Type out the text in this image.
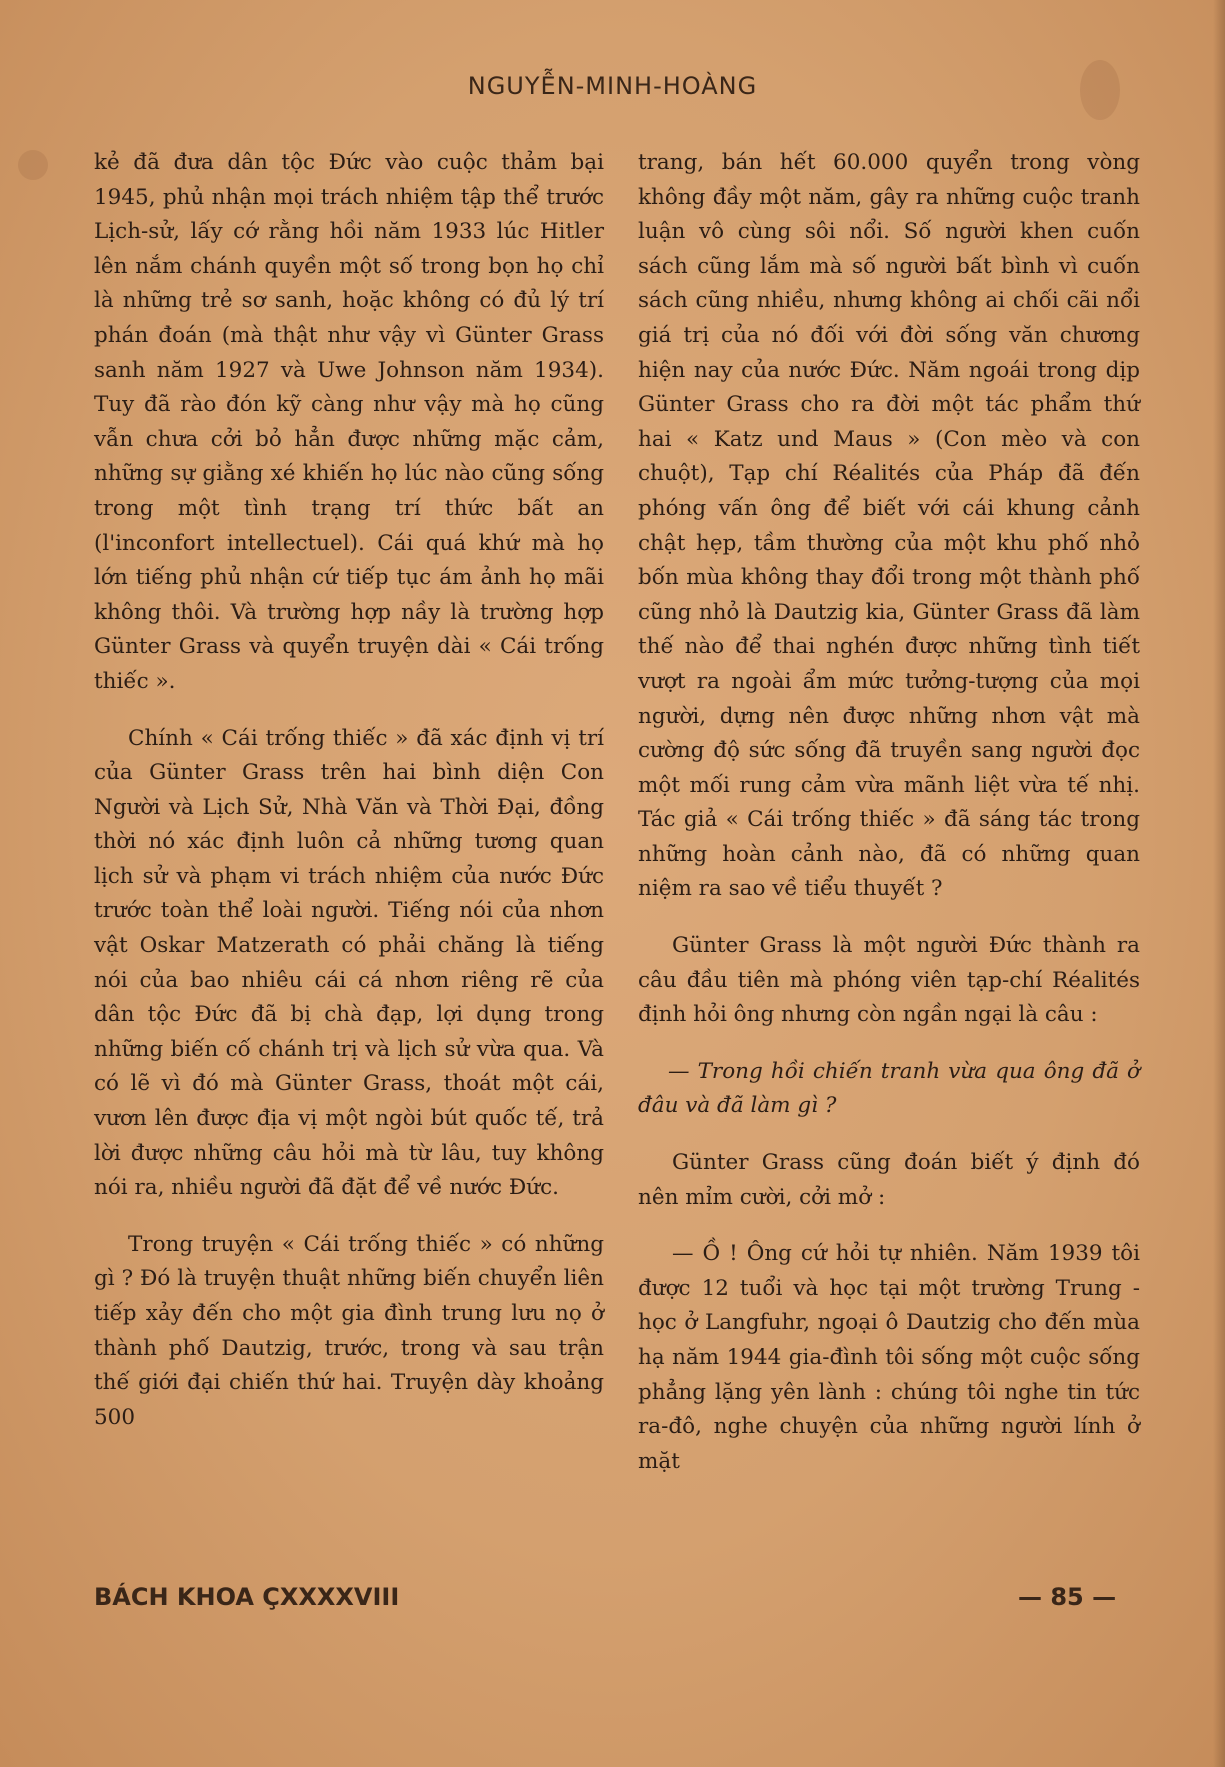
NGUYỄN-MINH-HOÀNG

kẻ đã đưa dân tộc Đức vào cuộc thảm bại 1945, phủ nhận mọi trách nhiệm tập thể trước Lịch-sử, lấy cớ rằng hồi năm 1933 lúc Hitler lên nắm chánh quyền một số trong bọn họ chỉ là những trẻ sơ sanh, hoặc không có đủ lý trí phán đoán (mà thật như vậy vì Günter Grass sanh năm 1927 và Uwe Johnson năm 1934). Tuy đã rào đón kỹ càng như vậy mà họ cũng vẫn chưa cởi bỏ hẳn được những mặc cảm, những sự giằng xé khiến họ lúc nào cũng sống trong một tình trạng trí thức bất an (l'inconfort intellectuel). Cái quá khứ mà họ lớn tiếng phủ nhận cứ tiếp tục ám ảnh họ mãi không thôi. Và trường hợp nầy là trường hợp Günter Grass và quyển truyện dài « Cái trống thiếc ».

Chính « Cái trống thiếc » đã xác định vị trí của Günter Grass trên hai bình diện Con Người và Lịch Sử, Nhà Văn và Thời Đại, đồng thời nó xác định luôn cả những tương quan lịch sử và phạm vi trách nhiệm của nước Đức trước toàn thể loài người. Tiếng nói của nhơn vật Oskar Matzerath có phải chăng là tiếng nói của bao nhiêu cái cá nhơn riêng rẽ của dân tộc Đức đã bị chà đạp, lợi dụng trong những biến cố chánh trị và lịch sử vừa qua. Và có lẽ vì đó mà Günter Grass, thoát một cái, vươn lên được địa vị một ngòi bút quốc tế, trả lời được những câu hỏi mà từ lâu, tuy không nói ra, nhiều người đã đặt để về nước Đức.

Trong truyện « Cái trống thiếc » có những gì ? Đó là truyện thuật những biến chuyển liên tiếp xảy đến cho một gia đình trung lưu nọ ở thành phố Dautzig, trước, trong và sau trận thế giới đại chiến thứ hai. Truyện dày khoảng 500

trang, bán hết 60.000 quyển trong vòng không đầy một năm, gây ra những cuộc tranh luận vô cùng sôi nổi. Số người khen cuốn sách cũng lắm mà số người bất bình vì cuốn sách cũng nhiều, nhưng không ai chối cãi nổi giá trị của nó đối với đời sống văn chương hiện nay của nước Đức. Năm ngoái trong dịp Günter Grass cho ra đời một tác phẩm thứ hai « Katz und Maus » (Con mèo và con chuột), Tạp chí Réalités của Pháp đã đến phóng vấn ông để biết với cái khung cảnh chật hẹp, tầm thường của một khu phố nhỏ bốn mùa không thay đổi trong một thành phố cũng nhỏ là Dautzig kia, Günter Grass đã làm thế nào để thai nghén được những tình tiết vượt ra ngoài ẩm mức tưởng-tượng của mọi người, dựng nên được những nhơn vật mà cường độ sức sống đã truyền sang người đọc một mối rung cảm vừa mãnh liệt vừa tế nhị. Tác giả « Cái trống thiếc » đã sáng tác trong những hoàn cảnh nào, đã có những quan niệm ra sao về tiểu thuyết ?

Günter Grass là một người Đức thành ra câu đầu tiên mà phóng viên tạp-chí Réalités định hỏi ông nhưng còn ngần ngại là câu :

— Trong hồi chiến tranh vừa qua ông đã ở đâu và đã làm gì ?

Günter Grass cũng đoán biết ý định đó nên mỉm cười, cởi mở :

— Ồ ! Ông cứ hỏi tự nhiên. Năm 1939 tôi được 12 tuổi và học tại một trường Trung - học ở Langfuhr, ngoại ô Dautzig cho đến mùa hạ năm 1944 gia-đình tôi sống một cuộc sống phẳng lặng yên lành : chúng tôi nghe tin tức ra-đô, nghe chuyện của những người lính ở mặt

BÁCH KHOA ÇXXXXVIII	— 85 —
